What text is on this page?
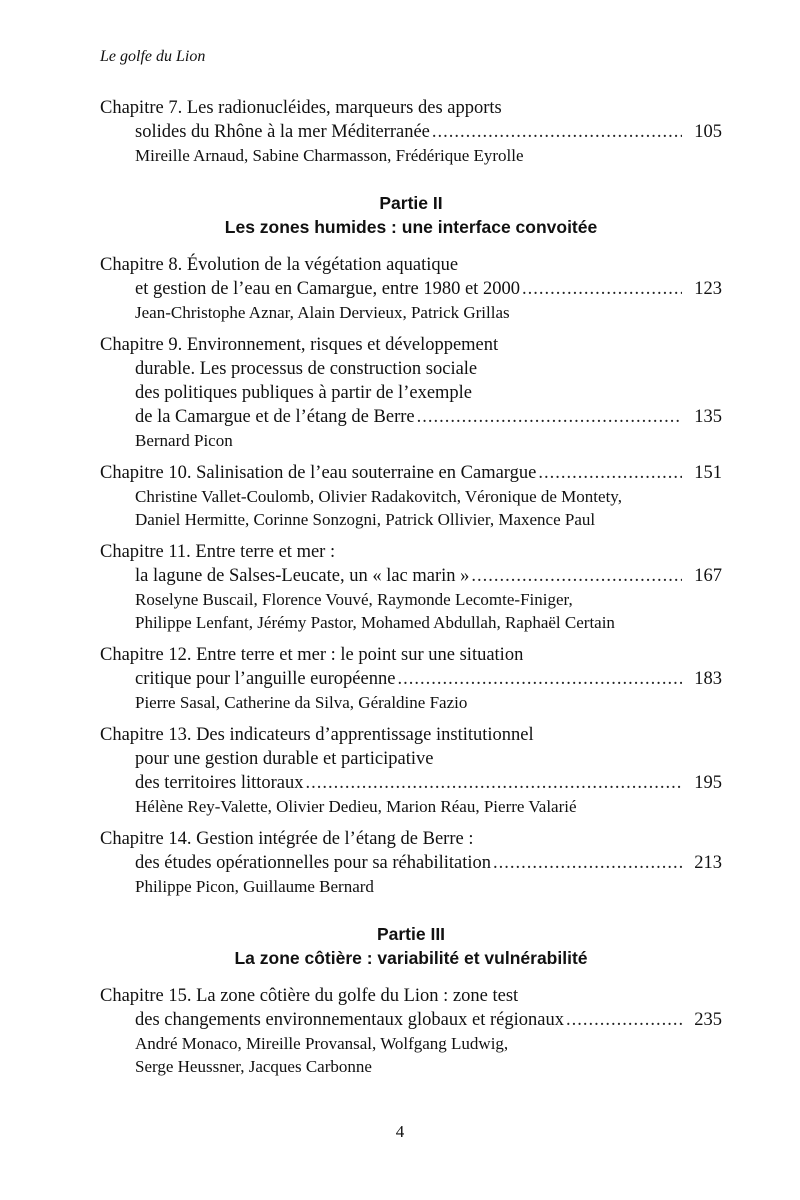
Le golfe du Lion
Chapitre 7. Les radionucléides, marqueurs des apports
solides du Rhône à la mer Méditerranée .....	105
Mireille Arnaud, Sabine Charmasson, Frédérique Eyrolle
Partie II
Les zones humides : une interface convoitée
Chapitre 8. Évolution de la végétation aquatique
et gestion de l’eau en Camargue, entre 1980 et 2000 .....	123
Jean-Christophe Aznar, Alain Dervieux, Patrick Grillas
Chapitre 9. Environnement, risques et développement
durable. Les processus de construction sociale
des politiques publiques à partir de l’exemple
de la Camargue et de l’étang de Berre .....	135
Bernard Picon
Chapitre 10. Salinisation de l’eau souterraine en Camargue .....	151
Christine Vallet-Coulomb, Olivier Radakovitch, Véronique de Montety,
Daniel Hermitte, Corinne Sonzogni, Patrick Ollivier, Maxence Paul
Chapitre 11. Entre terre et mer :
la lagune de Salses-Leucate, un « lac marin » .....	167
Roselyne Buscail, Florence Vouvé, Raymonde Lecomte-Finiger,
Philippe Lenfant, Jérémy Pastor, Mohamed Abdullah, Raphaël Certain
Chapitre 12. Entre terre et mer : le point sur une situation
critique pour l’anguille européenne .....	183
Pierre Sasal, Catherine da Silva, Géraldine Fazio
Chapitre 13. Des indicateurs d’apprentissage institutionnel
pour une gestion durable et participative
des territoires littoraux .....	195
Hélène Rey-Valette, Olivier Dedieu, Marion Réau, Pierre Valarié
Chapitre 14. Gestion intégrée de l’étang de Berre :
des études opérationnelles pour sa réhabilitation .....	213
Philippe Picon, Guillaume Bernard
Partie III
La zone côtière : variabilité et vulnérabilité
Chapitre 15. La zone côtière du golfe du Lion : zone test
des changements environnementaux globaux et régionaux .....	235
André Monaco, Mireille Provansal, Wolfgang Ludwig,
Serge Heussner, Jacques Carbonne
4
